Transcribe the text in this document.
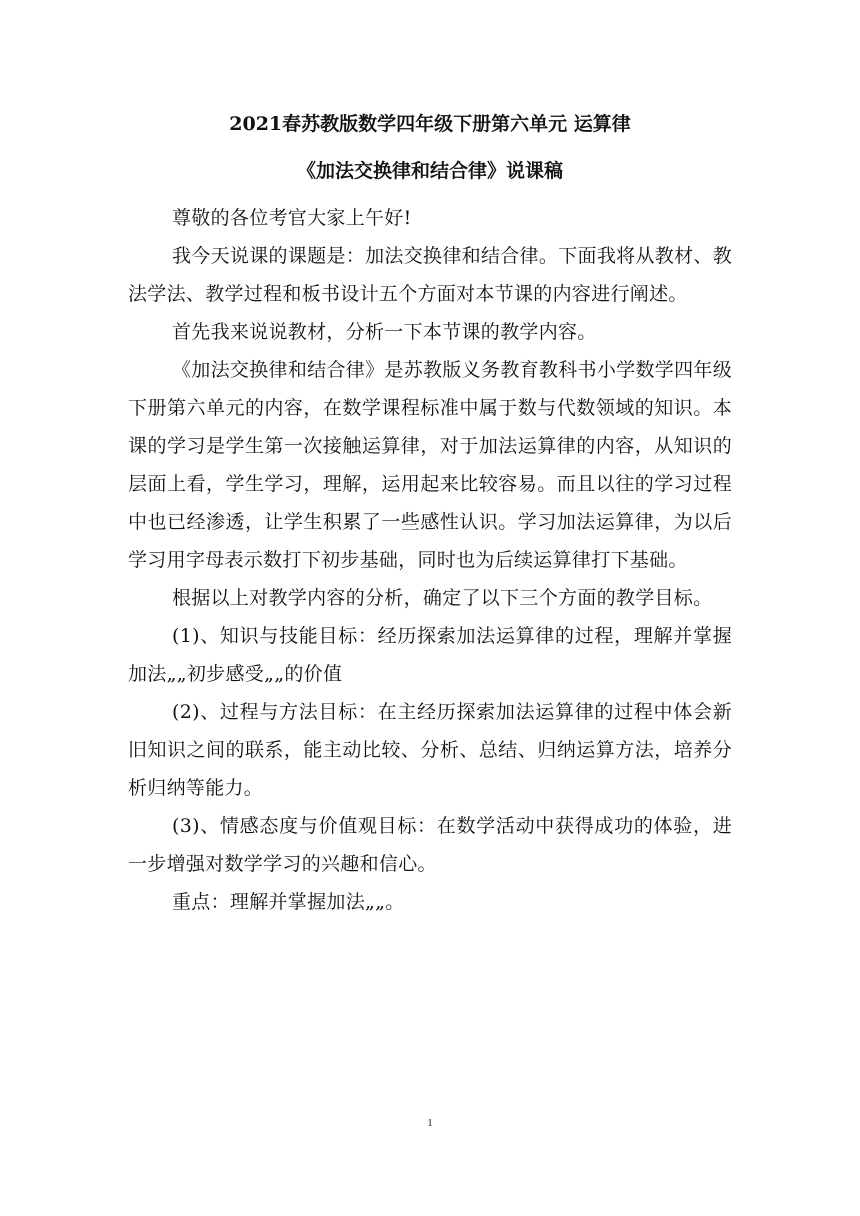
2021春苏教版数学四年级下册第六单元 运算律
《加法交换律和结合律》说课稿

尊敬的各位考官大家上午好!

我今天说课的课题是：加法交换律和结合律。下面我将从教材、教法学法、教学过程和板书设计五个方面对本节课的内容进行阐述。

首先我来说说教材，分析一下本节课的教学内容。

《加法交换律和结合律》是苏教版义务教育教科书小学数学四年级下册第六单元的内容，在数学课程标准中属于数与代数领域的知识。本课的学习是学生第一次接触运算律，对于加法运算律的内容，从知识的层面上看，学生学习，理解，运用起来比较容易。而且以往的学习过程中也已经渗透，让学生积累了一些感性认识。学习加法运算律，为以后学习用字母表示数打下初步基础，同时也为后续运算律打下基础。

根据以上对教学内容的分析，确定了以下三个方面的教学目标。

(1)、知识与技能目标：经历探索加法运算律的过程，理解并掌握加法„„初步感受„„的价值

(2)、过程与方法目标：在主经历探索加法运算律的过程中体会新旧知识之间的联系，能主动比较、分析、总结、归纳运算方法，培养分析归纳等能力。

(3)、情感态度与价值观目标：在数学活动中获得成功的体验，进一步增强对数学学习的兴趣和信心。

重点：理解并掌握加法„„。

1
